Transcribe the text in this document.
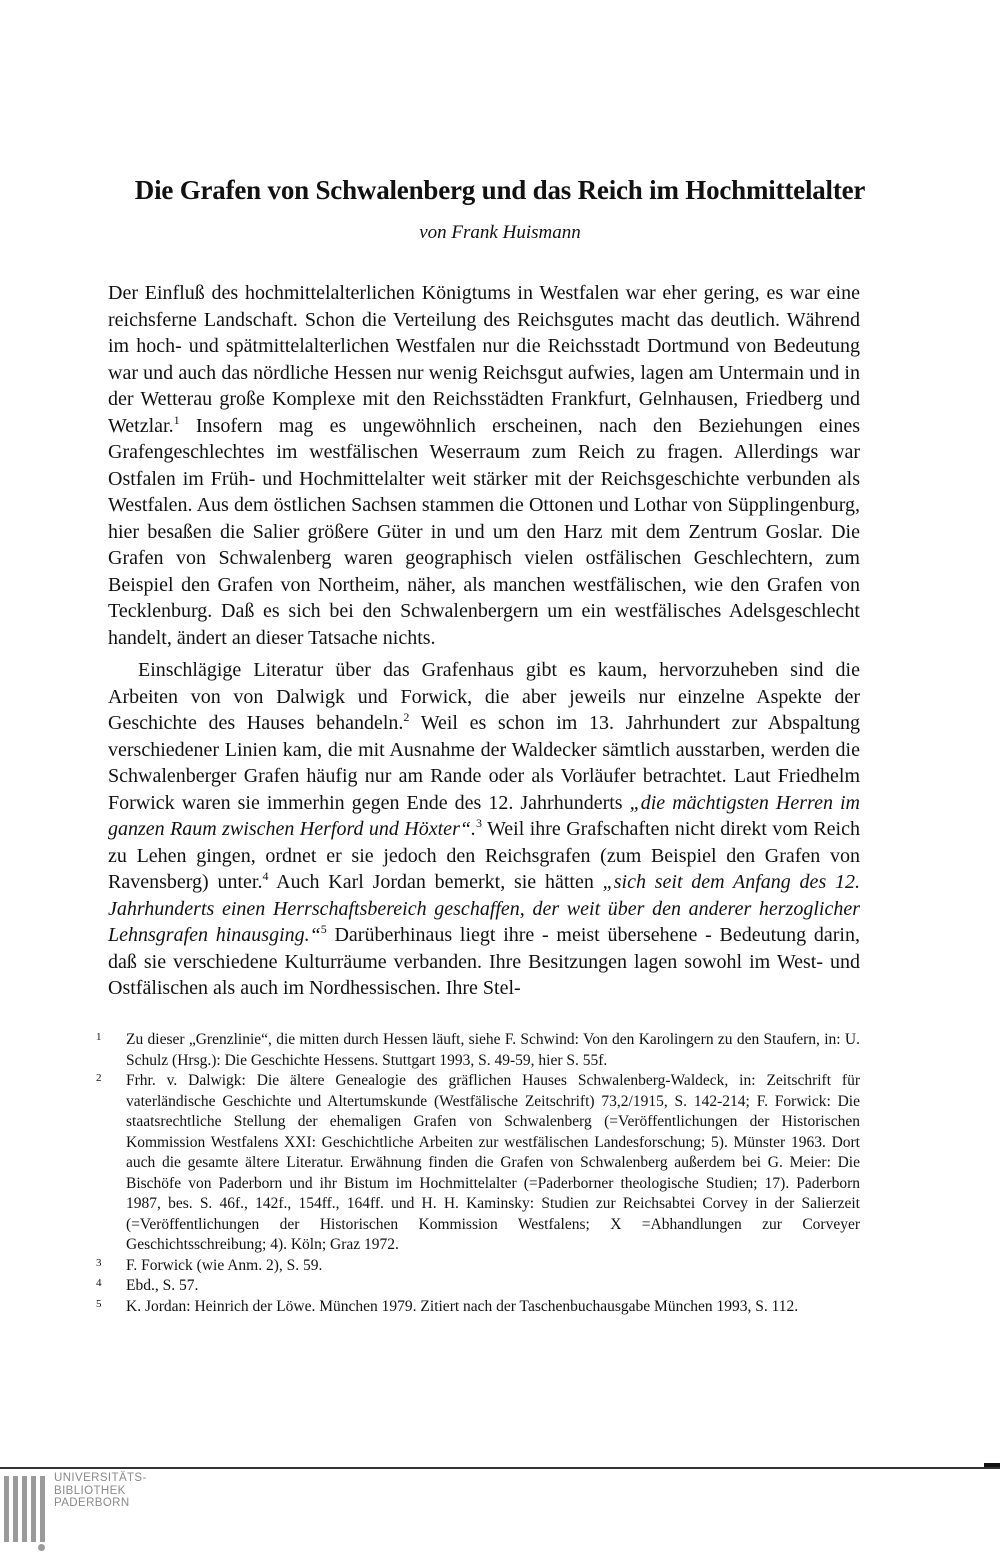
Die Grafen von Schwalenberg und das Reich im Hochmittelalter
von Frank Huismann

Der Einfluß des hochmittelalterlichen Königtums in Westfalen war eher gering, es war eine reichsferne Landschaft. Schon die Verteilung des Reichsgutes macht das deutlich. Während im hoch- und spätmittelalterlichen Westfalen nur die Reichsstadt Dortmund von Bedeutung war und auch das nördliche Hessen nur wenig Reichsgut aufwies, lagen am Untermain und in der Wetterau große Komplexe mit den Reichsstädten Frankfurt, Gelnhausen, Friedberg und Wetzlar.$^1$ Insofern mag es ungewöhnlich erscheinen, nach den Beziehungen eines Grafengeschlechtes im westfälischen Weserraum zum Reich zu fragen. Allerdings war Ostfalen im Früh- und Hochmittelalter weit stärker mit der Reichsgeschichte verbunden als Westfalen. Aus dem östlichen Sachsen stammen die Ottonen und Lothar von Süpplingenburg, hier besaßen die Salier größere Güter in und um den Harz mit dem Zentrum Goslar. Die Grafen von Schwalenberg waren geographisch vielen ostfälischen Geschlechtern, zum Beispiel den Grafen von Northeim, näher, als manchen westfälischen, wie den Grafen von Tecklenburg. Daß es sich bei den Schwalenbergern um ein westfälisches Adelsgeschlecht handelt, ändert an dieser Tatsache nichts.

Einschlägige Literatur über das Grafenhaus gibt es kaum, hervorzuheben sind die Arbeiten von von Dalwigk und Forwick, die aber jeweils nur einzelne Aspekte der Geschichte des Hauses behandeln.$^2$ Weil es schon im 13. Jahrhundert zur Abspaltung verschiedener Linien kam, die mit Ausnahme der Waldecker sämtlich ausstarben, werden die Schwalenberger Grafen häufig nur am Rande oder als Vorläufer betrachtet. Laut Friedhelm Forwick waren sie immerhin gegen Ende des 12. Jahrhunderts „die mächtigsten Herren im ganzen Raum zwischen Herford und Höxter“.$^3$ Weil ihre Grafschaften nicht direkt vom Reich zu Lehen gingen, ordnet er sie jedoch den Reichsgrafen (zum Beispiel den Grafen von Ravensberg) unter.$^4$ Auch Karl Jordan bemerkt, sie hätten „sich seit dem Anfang des 12. Jahrhunderts einen Herrschaftsbereich geschaffen, der weit über den anderer herzoglicher Lehnsgrafen hinausging.“$^5$ Darüberhinaus liegt ihre - meist übersehene - Bedeutung darin, daß sie verschiedene Kulturräume verbanden. Ihre Besitzungen lagen sowohl im West- und Ostfälischen als auch im Nordhessischen. Ihre Stel-

1	Zu dieser „Grenzlinie“, die mitten durch Hessen läuft, siehe F. Schwind: Von den Karolingern zu den Staufern, in: U. Schulz (Hrsg.): Die Geschichte Hessens. Stuttgart 1993, S. 49-59, hier S. 55f.
2	Frhr. v. Dalwigk: Die ältere Genealogie des gräflichen Hauses Schwalenberg-Waldeck, in: Zeitschrift für vaterländische Geschichte und Altertumskunde (Westfälische Zeitschrift) 73,2/1915, S. 142-214; F. Forwick: Die staatsrechtliche Stellung der ehemaligen Grafen von Schwalenberg (=Veröffentlichungen der Historischen Kommission Westfalens XXI: Geschichtliche Arbeiten zur westfälischen Landesforschung; 5). Münster 1963. Dort auch die gesamte ältere Literatur. Erwähnung finden die Grafen von Schwalenberg außerdem bei G. Meier: Die Bischöfe von Paderborn und ihr Bistum im Hochmittelalter (=Paderborner theologische Studien; 17). Paderborn 1987, bes. S. 46f., 142f., 154ff., 164ff. und H. H. Kaminsky: Studien zur Reichsabtei Corvey in der Salierzeit (=Veröffentlichungen der Historischen Kommission Westfalens; X =Abhandlungen zur Corveyer Geschichtsschreibung; 4). Köln; Graz 1972.
3	F. Forwick (wie Anm. 2), S. 59.
4	Ebd., S. 57.
5	K. Jordan: Heinrich der Löwe. München 1979. Zitiert nach der Taschenbuchausgabe München 1993, S. 112.
UNIVERSITÄTS-
BIBLIOTHEK
PADERBORN
